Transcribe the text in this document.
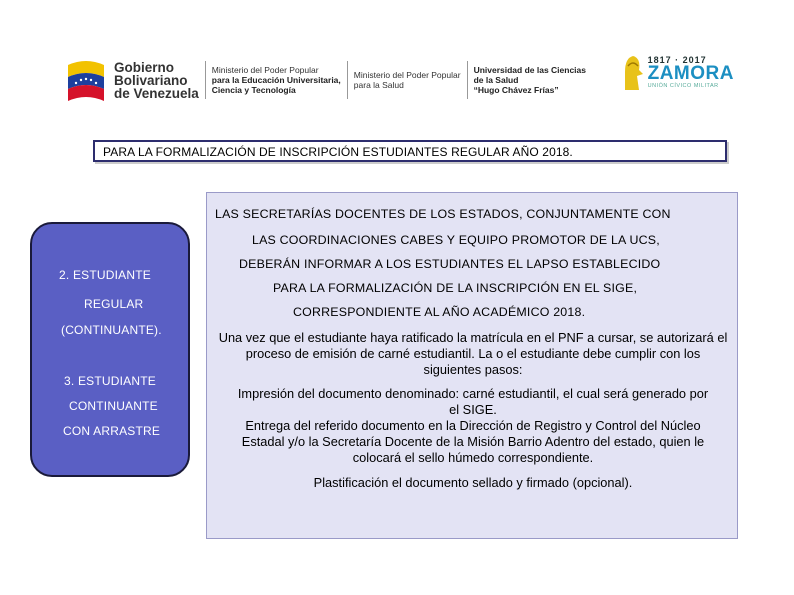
Gobierno
Bolivariano
de Venezuela
Ministerio del Poder Popular
para la Educación Universitaria,
Ciencia y Tecnología
Ministerio del Poder Popular
para la Salud
Universidad de las Ciencias
de la Salud
“Hugo Chávez Frías”
1817 · 2017
ZAMORA
UNIÓN CÍVICO MILITAR
PARA LA FORMALIZACIÓN DE INSCRIPCIÓN ESTUDIANTES REGULAR AÑO 2018.
2. ESTUDIANTE
REGULAR
(CONTINUANTE).
3. ESTUDIANTE
CONTINUANTE
CON ARRASTRE
LAS SECRETARÍAS DOCENTES DE LOS ESTADOS, CONJUNTAMENTE CON
LAS COORDINACIONES CABES Y EQUIPO PROMOTOR DE LA UCS,
DEBERÁN INFORMAR A LOS ESTUDIANTES EL LAPSO ESTABLECIDO
PARA LA FORMALIZACIÓN DE LA INSCRIPCIÓN EN EL SIGE,
CORRESPONDIENTE AL AÑO ACADÉMICO 2018.
Una vez que el estudiante haya ratificado la matrícula en el PNF a cursar, se autorizará el proceso de emisión de carné estudiantil. La o el estudiante debe cumplir con los siguientes pasos:
Impresión del documento denominado: carné estudiantil, el cual será generado por el SIGE.
Entrega del referido documento en la Dirección de Registro y Control del Núcleo Estadal y/o la Secretaría Docente de la Misión Barrio Adentro del estado, quien le colocará el sello húmedo correspondiente.
Plastificación el documento sellado y firmado (opcional).
